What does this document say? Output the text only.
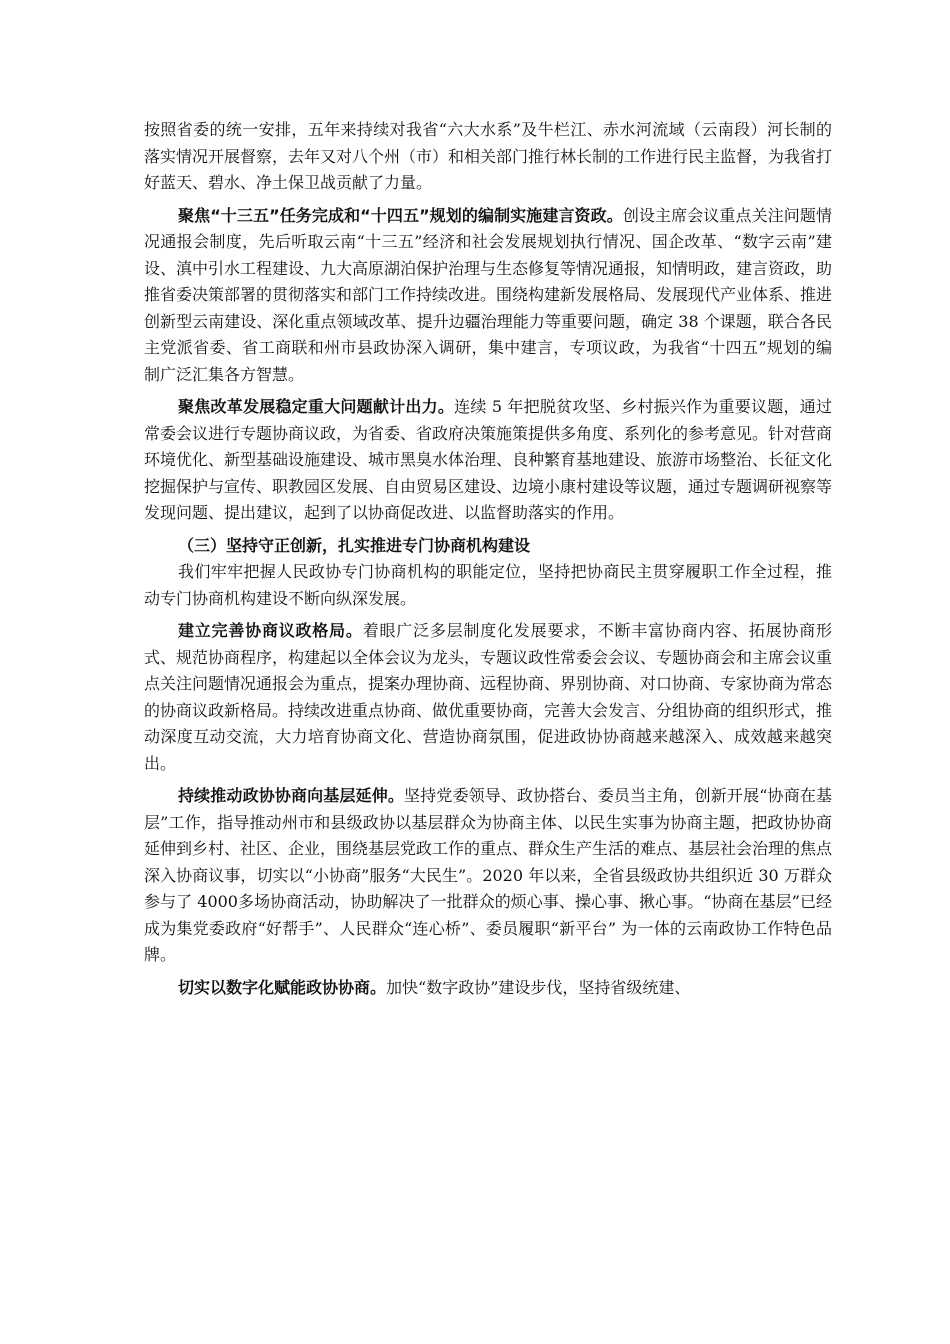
按照省委的统一安排，五年来持续对我省“六大水系”及牛栏江、赤水河流域（云南段）河长制的落实情况开展督察，去年又对八个州（市）和相关部门推行林长制的工作进行民主监督，为我省打好蓝天、碧水、净土保卫战贡献了力量。

聚焦“十三五”任务完成和“十四五”规划的编制实施建言资政。创设主席会议重点关注问题情况通报会制度，先后听取云南“十三五”经济和社会发展规划执行情况、国企改革、“数字云南”建设、滇中引水工程建设、九大高原湖泊保护治理与生态修复等情况通报，知情明政，建言资政，助推省委决策部署的贯彻落实和部门工作持续改进。围绕构建新发展格局、发展现代产业体系、推进创新型云南建设、深化重点领域改革、提升边疆治理能力等重要问题，确定 38 个课题，联合各民主党派省委、省工商联和州市县政协深入调研，集中建言，专项议政，为我省“十四五”规划的编制广泛汇集各方智慧。

聚焦改革发展稳定重大问题献计出力。连续 5 年把脱贫攻坚、乡村振兴作为重要议题，通过常委会议进行专题协商议政，为省委、省政府决策施策提供多角度、系列化的参考意见。针对营商环境优化、新型基础设施建设、城市黑臭水体治理、良种繁育基地建设、旅游市场整治、长征文化挖掘保护与宣传、职教园区发展、自由贸易区建设、边境小康村建设等议题，通过专题调研视察等发现问题、提出建议，起到了以协商促改进、以监督助落实的作用。

（三）坚持守正创新，扎实推进专门协商机构建设

我们牢牢把握人民政协专门协商机构的职能定位，坚持把协商民主贯穿履职工作全过程，推动专门协商机构建设不断向纵深发展。

建立完善协商议政格局。着眼广泛多层制度化发展要求，不断丰富协商内容、拓展协商形式、规范协商程序，构建起以全体会议为龙头，专题议政性常委会会议、专题协商会和主席会议重点关注问题情况通报会为重点，提案办理协商、远程协商、界别协商、对口协商、专家协商为常态的协商议政新格局。持续改进重点协商、做优重要协商，完善大会发言、分组协商的组织形式，推动深度互动交流，大力培育协商文化、营造协商氛围，促进政协协商越来越深入、成效越来越突出。

持续推动政协协商向基层延伸。坚持党委领导、政协搭台、委员当主角，创新开展“协商在基层”工作，指导推动州市和县级政协以基层群众为协商主体、以民生实事为协商主题，把政协协商延伸到乡村、社区、企业，围绕基层党政工作的重点、群众生产生活的难点、基层社会治理的焦点深入协商议事，切实以“小协商”服务“大民生”。2020 年以来，全省县级政协共组织近 30 万群众参与了 4000多场协商活动，协助解决了一批群众的烦心事、操心事、揪心事。“协商在基层”已经成为集党委政府“好帮手”、人民群众“连心桥”、委员履职“新平台” 为一体的云南政协工作特色品牌。

切实以数字化赋能政协协商。加快“数字政协”建设步伐，坚持省级统建、
